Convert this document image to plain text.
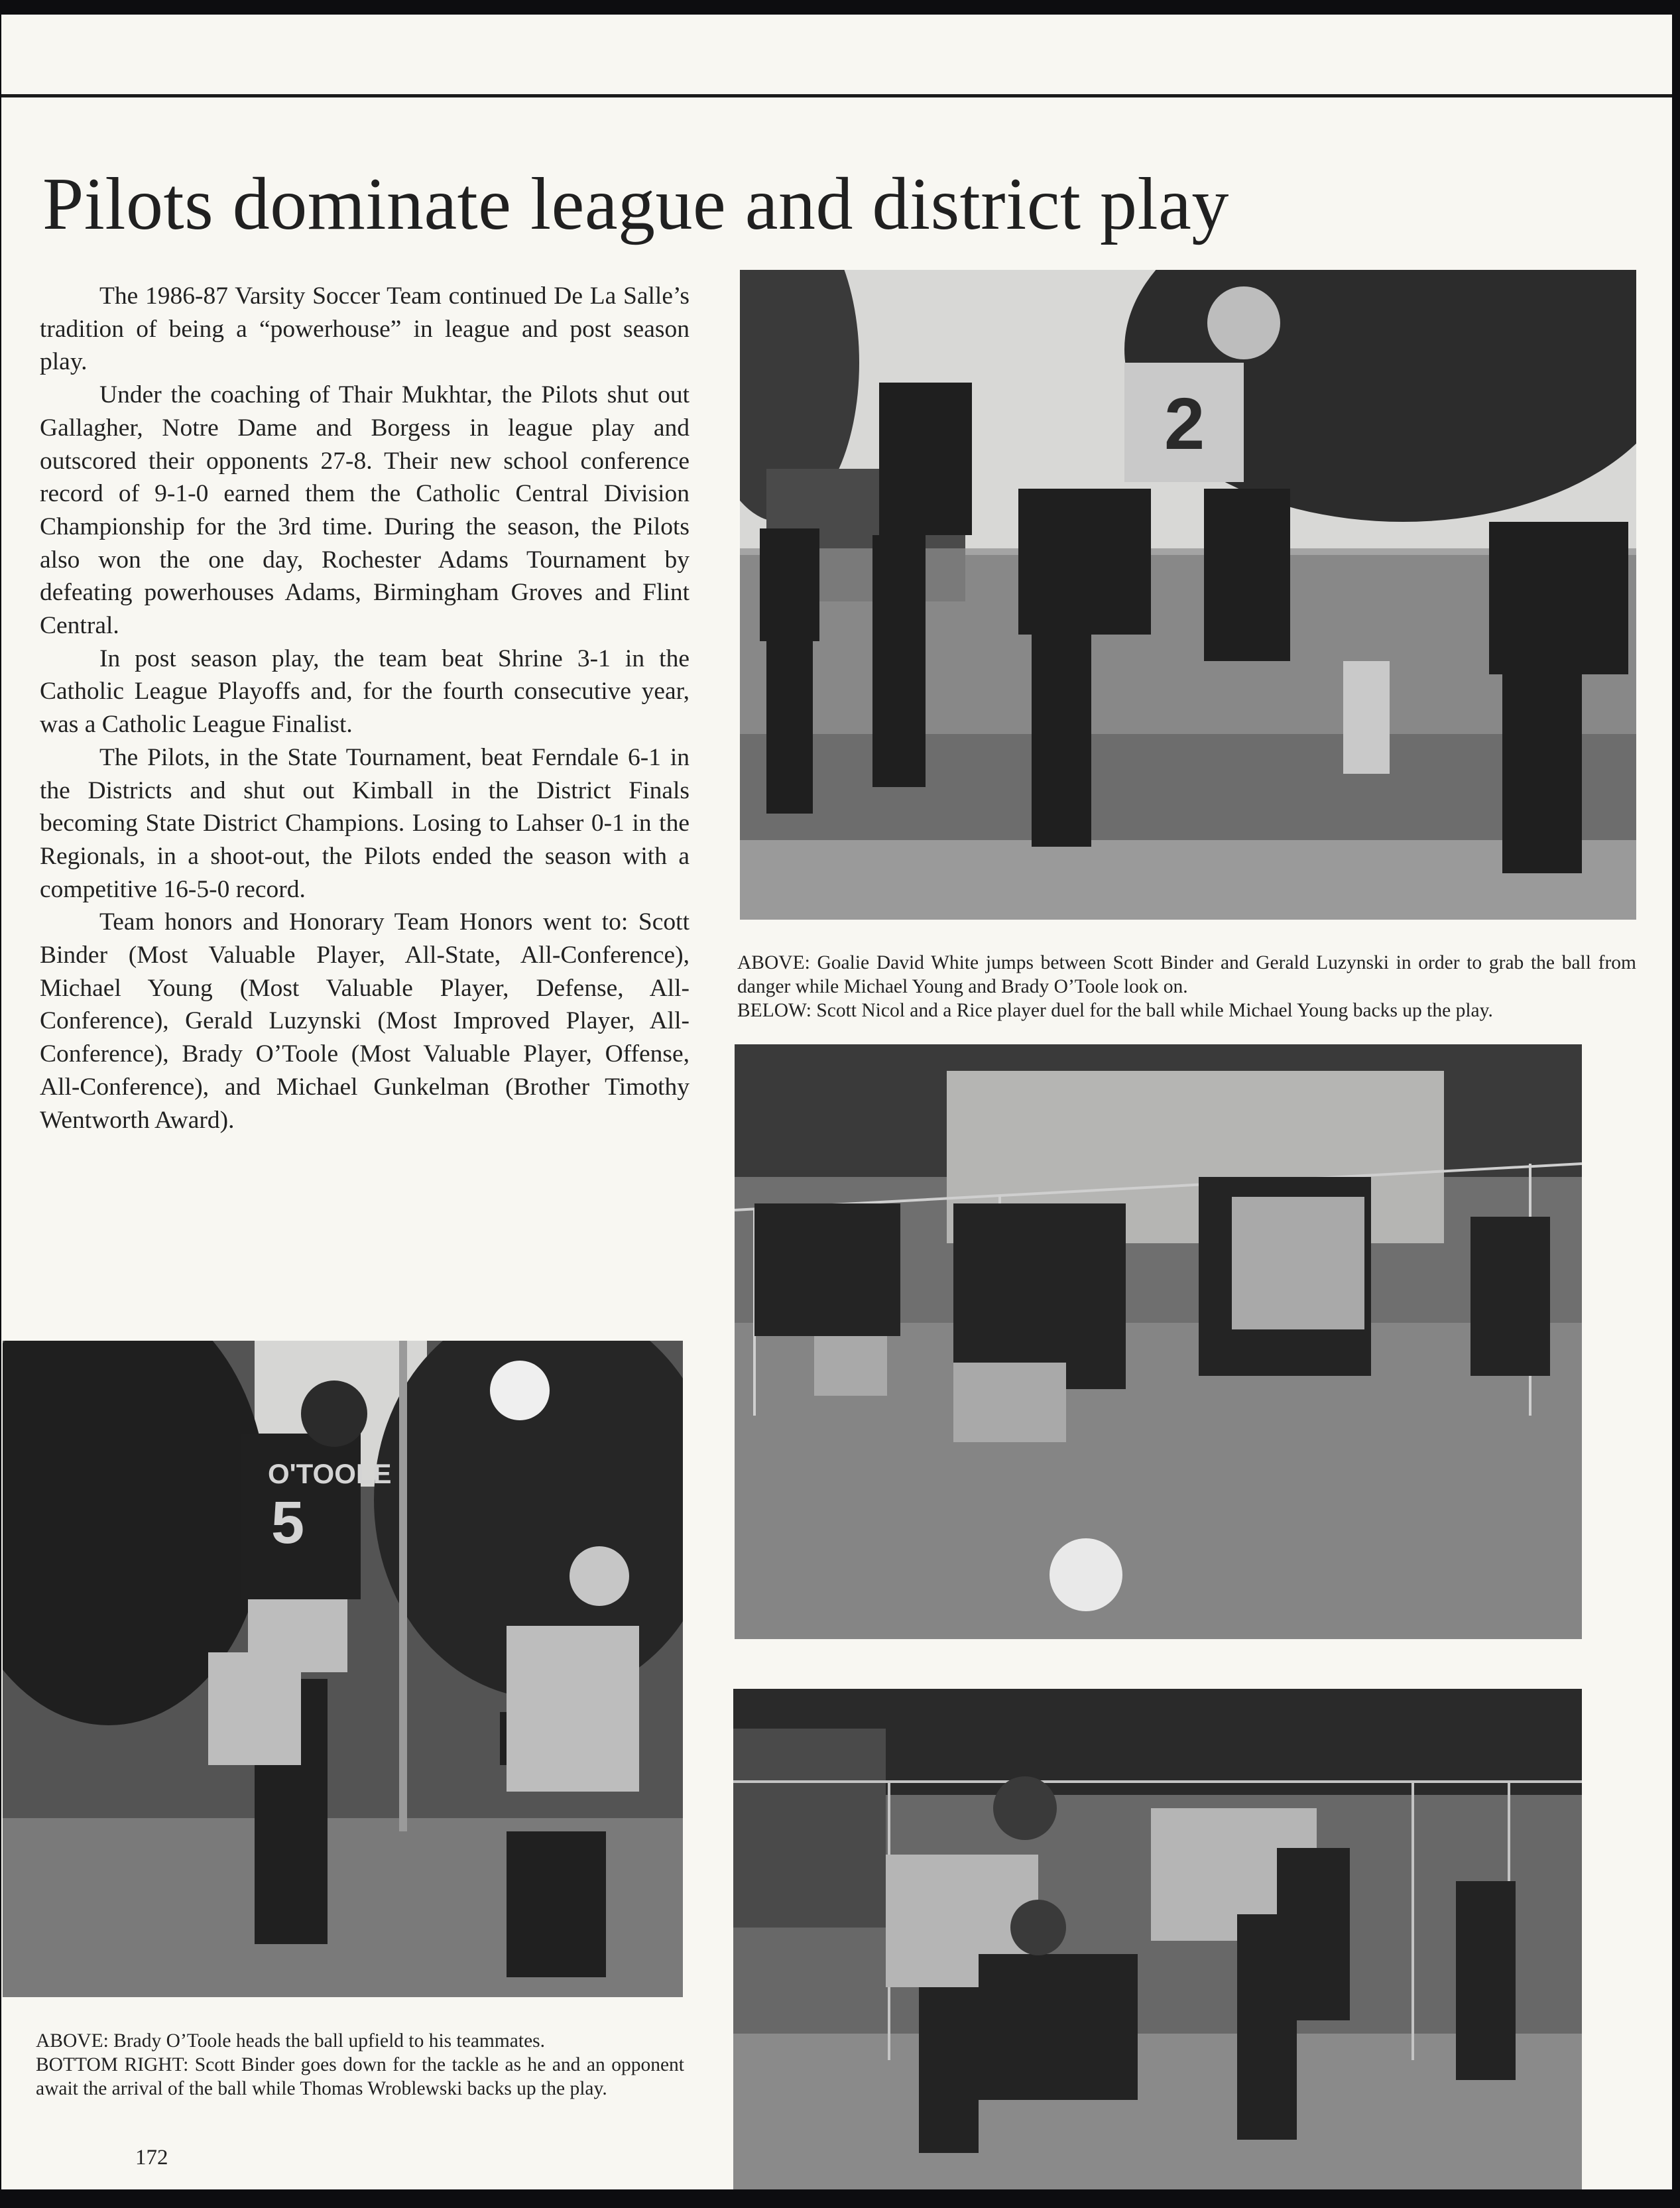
Pilots dominate league and district play

The 1986-87 Varsity Soccer Team continued De La Salle’s tradition of being a “powerhouse” in league and post season play.

Under the coaching of Thair Mukhtar, the Pilots shut out Gallagher, Notre Dame and Borgess in league play and outscored their opponents 27-8. Their new school conference record of 9-1-0 earned them the Catholic Central Division Championship for the 3rd time. During the season, the Pilots also won the one day, Rochester Adams Tournament by defeating powerhouses Adams, Birmingham Groves and Flint Central.

In post season play, the team beat Shrine 3-1 in the Catholic League Playoffs and, for the fourth consecutive year, was a Catholic League Finalist.

The Pilots, in the State Tournament, beat Ferndale 6-1 in the Districts and shut out Kimball in the District Finals becoming State District Champions. Losing to Lahser 0-1 in the Regionals, in a shoot-out, the Pilots ended the season with a competitive 16-5-0 record.

Team honors and Honorary Team Honors went to: Scott Binder (Most Valuable Player, All-State, All-Conference), Michael Young (Most Valuable Player, Defense, All-Conference), Gerald Luzynski (Most Improved Player, All-Conference), Brady O’Toole (Most Valuable Player, Offense, All-Conference), and Michael Gunkelman (Brother Timothy Wentworth Award).

2
ABOVE: Goalie David White jumps between Scott Binder and Gerald Luzynski in order to grab the ball from danger while Michael Young and Brady O’Toole look on.
BELOW: Scott Nicol and a Rice player duel for the ball while Michael Young backs up the play.
O'TOOLE
5
ABOVE: Brady O’Toole heads the ball upfield to his teammates.
BOTTOM RIGHT: Scott Binder goes down for the tackle as he and an opponent await the arrival of the ball while Thomas Wroblewski backs up the play.
172
